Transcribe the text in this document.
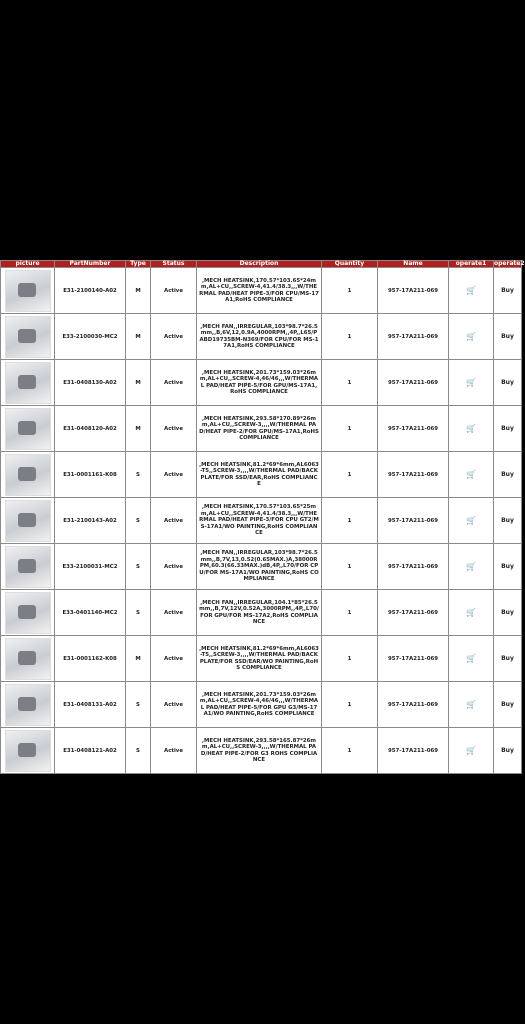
picture	PartNumber	Type	Status	Description	Quantity	Name	operate1	operate2

	E31-2100140-A02	M	Active	,MECH HEATSINK,170.57*103.65*24mm,AL+CU,,SCREW-4,41.4/38.3,,,W/THERMAL PAD/HEAT PIPE-3/FOR CPU/MS-17A1,RoHS COMPLIANCE	1	957-17A211-069	🛒	Buy

	E33-2100030-MC2	M	Active	,MECH FAN,,IRREGULAR,103*98.7*26.5mm,,B,6V,12,0.9A,4000RPM,,4P,,L65/PABD19735BM-N369/FOR CPU/FOR MS-17A1,RoHS COMPLIANCE	1	957-17A211-069	🛒	Buy

	E31-0408130-A02	M	Active	,MECH HEATSINK,201.73*159.03*26mm,AL+CU,,SCREW-4,46/46,,,W/THERMAL PAD/HEAT PIPE-5/FOR GPU/MS-17A1,RoHS COMPLIANCE	1	957-17A211-069	🛒	Buy

	E31-0408120-A02	M	Active	,MECH HEATSINK,293.58*170.89*26mm,AL+CU,,SCREW-3,,,,W/THERMAL PAD/HEAT PIPE-2/FOR GPU/MS-17A1,RoHS COMPLIANCE	1	957-17A211-069	🛒	Buy

	E31-0001161-K08	S	Active	,MECH HEATSINK,81.2*69*6mm,AL6063-T5,,SCREW-3,,,,W/THERMAL PAD/BACK PLATE/FOR SSD/EAR,RoHS COMPLIANCE	1	957-17A211-069	🛒	Buy

	E31-2100143-A02	S	Active	,MECH HEATSINK,170.57*103.65*25mm,AL+CU,,SCREW-4,41.4/38.3,,,W/THERMAL PAD/HEAT PIPE-3/FOR CPU GT2/MS-17A1/WO PAINTING,RoHS COMPLIANCE	1	957-17A211-069	🛒	Buy

	E33-2100031-MC2	S	Active	,MECH FAN,,IRREGULAR,103*98.7*26.5mm,,B,7V,13,0.52(0.65MAX.)A,38000RPM,60.3(66.33MAX.)dB,4P,,L70/FOR CPU/FOR MS-17A1/WO PAINTING,RoHS COMPLIANCE	1	957-17A211-069	🛒	Buy

	E33-0401140-MC2	S	Active	,MECH FAN,,IRREGULAR,104.1*85*26.5mm,,B,7V,12V,0.52A,3000RPM,,4P,,L70/FOR GPU/FOR MS-17A2,RoHS COMPLIANCE	1	957-17A211-069	🛒	Buy

	E31-0001162-K08	M	Active	,MECH HEATSINK,81.2*69*6mm,AL6063-T5,,SCREW-3,,,,W/THERMAL PAD/BACK PLATE/FOR SSD/EAR/WO PAINTING,RoHS COMPLIANCE	1	957-17A211-069	🛒	Buy

	E31-0408131-A02	S	Active	,MECH HEATSINK,201.73*159.03*26mm,AL+CU,,SCREW-4,46/46,,,W/THERMAL PAD/HEAT PIPE-5/FOR GPU G3/MS-17A1/WO PAINTING,RoHS COMPLIANCE	1	957-17A211-069	🛒	Buy

	E31-0408121-A02	S	Active	,MECH HEATSINK,293.58*165.87*26mm,AL+CU,,SCREW-3,,,,W/THERMAL PAD/HEAT PIPE-2/FOR G3 ROHS COMPLIANCE	1	957-17A211-069	🛒	Buy
